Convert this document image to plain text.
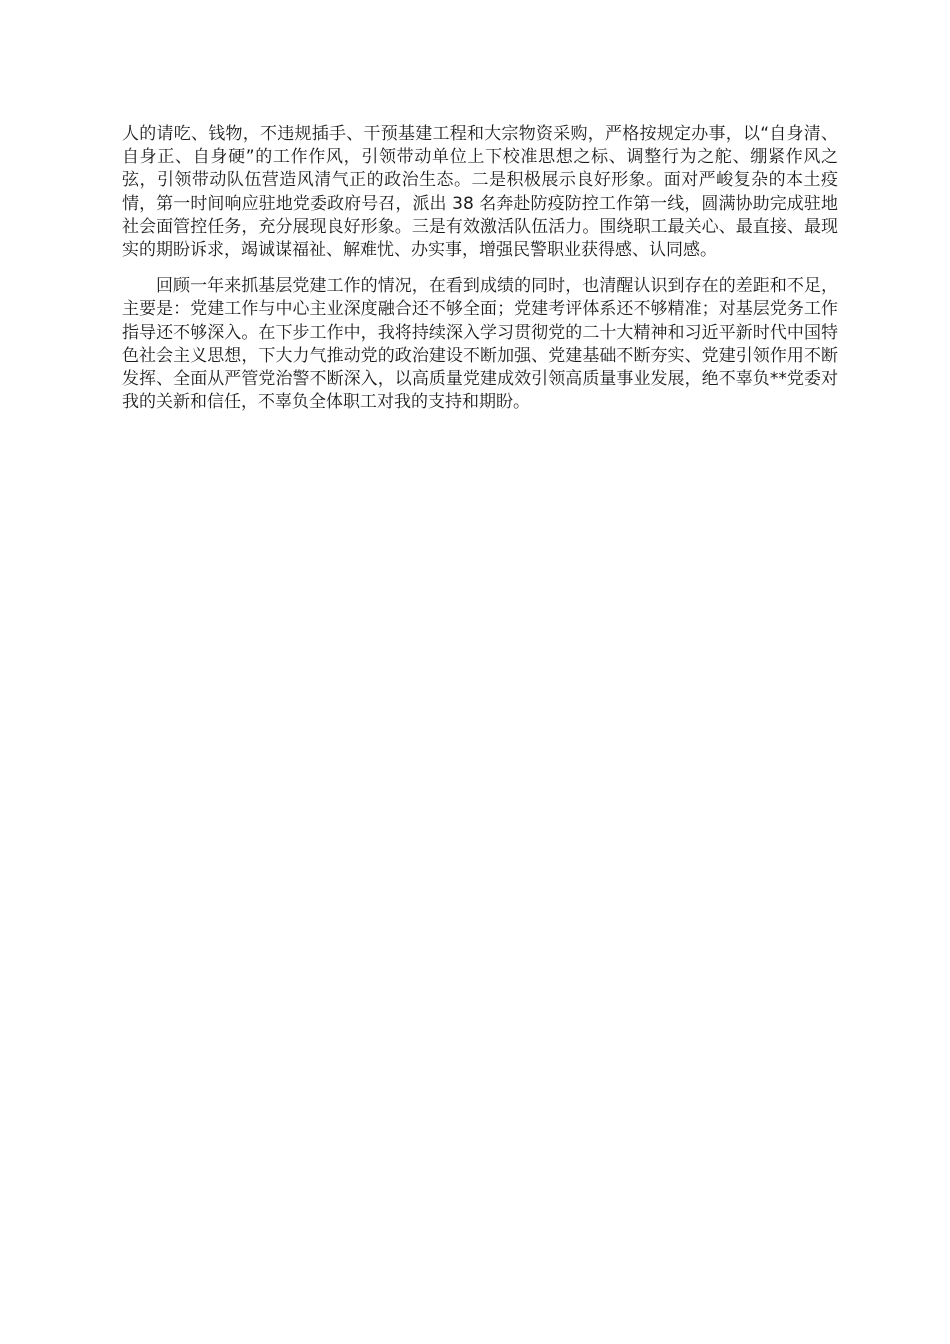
人的请吃、钱物，不违规插手、干预基建工程和大宗物资采购，严格按规定办事，以“自身清、自身正、自身硬”的工作作风，引领带动单位上下校准思想之标、调整行为之舵、绷紧作风之弦，引领带动队伍营造风清气正的政治生态。二是积极展示良好形象。面对严峻复杂的本土疫情，第一时间响应驻地党委政府号召，派出 38 名奔赴防疫防控工作第一线，圆满协助完成驻地社会面管控任务，充分展现良好形象。三是有效激活队伍活力。围绕职工最关心、最直接、最现实的期盼诉求，竭诚谋福祉、解难忧、办实事，增强民警职业获得感、认同感。

回顾一年来抓基层党建工作的情况，在看到成绩的同时，也清醒认识到存在的差距和不足，主要是：党建工作与中心主业深度融合还不够全面；党建考评体系还不够精准；对基层党务工作指导还不够深入。在下步工作中，我将持续深入学习贯彻党的二十大精神和习近平新时代中国特色社会主义思想，下大力气推动党的政治建设不断加强、党建基础不断夯实、党建引领作用不断发挥、全面从严管党治警不断深入，以高质量党建成效引领高质量事业发展，绝不辜负**党委对我的关新和信任，不辜负全体职工对我的支持和期盼。
